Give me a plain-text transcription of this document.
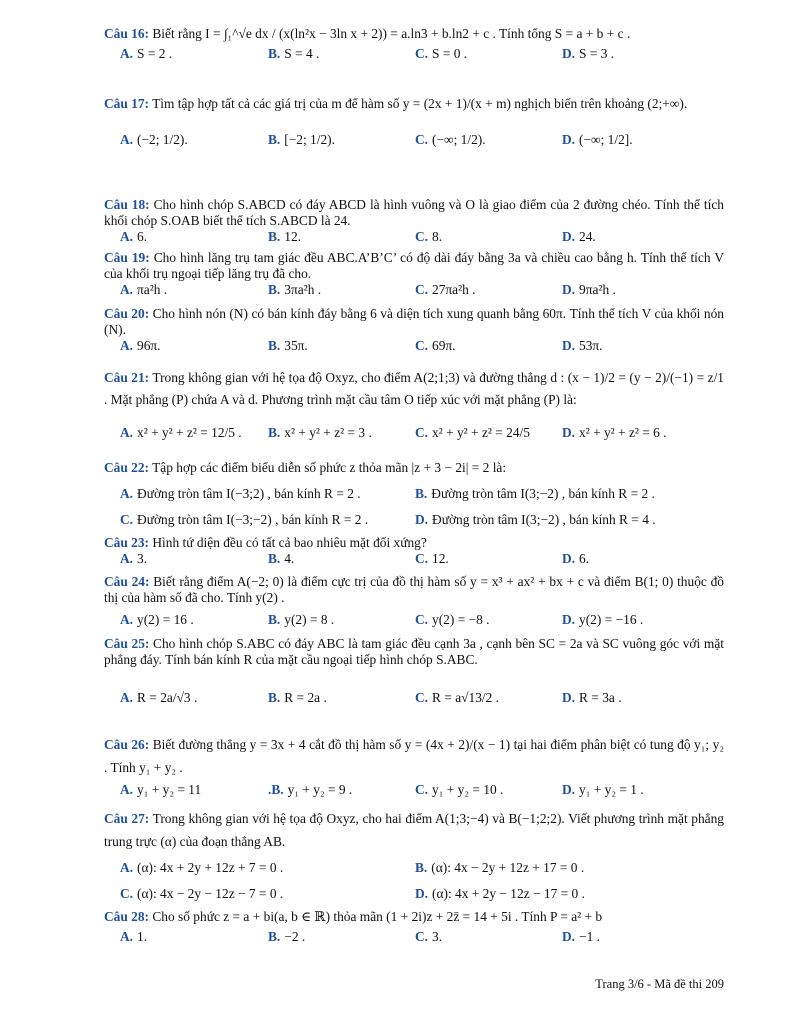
Câu 16: Biết rằng I = ∫₁^√e dx / (x(ln²x − 3ln x + 2)) = a.ln3 + b.ln2 + c . Tính tổng S = a + b + c .
A. S = 2 .	B. S = 4 .	C. S = 0 .	D. S = 3 .
Câu 17: Tìm tập hợp tất cả các giá trị của m để hàm số y = (2x + 1)/(x + m) nghịch biến trên khoảng (2;+∞).
A. (−2; 1/2).	B. [−2; 1/2).	C. (−∞; 1/2).	D. (−∞; 1/2].
Câu 18: Cho hình chóp S.ABCD có đáy ABCD là hình vuông và O là giao điểm của 2 đường chéo. Tính thể tích khối chóp S.OAB biết thể tích S.ABCD là 24.
A. 6.	B. 12.	C. 8.	D. 24.
Câu 19: Cho hình lăng trụ tam giác đều ABC.A’B’C’ có độ dài đáy bằng 3a và chiều cao bằng h. Tính thể tích V của khối trụ ngoại tiếp lăng trụ đã cho.
A. πa²h .	B. 3πa²h .	C. 27πa²h .	D. 9πa²h .
Câu 20: Cho hình nón (N) có bán kính đáy bằng 6 và diện tích xung quanh bằng 60π. Tính thể tích V của khối nón (N).
A. 96π.	B. 35π.	C. 69π.	D. 53π.
Câu 21: Trong không gian với hệ tọa độ Oxyz, cho điểm A(2;1;3) và đường thẳng d : (x − 1)/2 = (y − 2)/(−1) = z/1 . Mặt phẳng (P) chứa A và d. Phương trình mặt cầu tâm O tiếp xúc với mặt phẳng (P) là:
A. x² + y² + z² = 12/5 . B. x² + y² + z² = 3 .	C. x² + y² + z² = 24/5 D. x² + y² + z² = 6 .
Câu 22: Tập hợp các điểm biểu diễn số phức z thỏa mãn |z + 3 − 2i| = 2 là:
A. Đường tròn tâm I(−3;2) , bán kính R = 2 .	B. Đường tròn tâm I(3;−2) , bán kính R = 2 .
C. Đường tròn tâm I(−3;−2) , bán kính R = 2 .	D. Đường tròn tâm I(3;−2) , bán kính R = 4 .
Câu 23: Hình tứ diện đều có tất cả bao nhiêu mặt đối xứng?
A. 3.	B. 4.	C. 12.	D. 6.
Câu 24: Biết rằng điểm A(−2; 0) là điểm cực trị của đồ thị hàm số y = x³ + ax² + bx + c và điểm B(1; 0) thuộc đồ thị của hàm số đã cho. Tính y(2) .
A. y(2) = 16 .	B. y(2) = 8 .	C. y(2) = −8 .	D. y(2) = −16 .
Câu 25: Cho hình chóp S.ABC có đáy ABC là tam giác đều cạnh 3a , cạnh bên SC = 2a và SC vuông góc với mặt phẳng đáy. Tính bán kính R của mặt cầu ngoại tiếp hình chóp S.ABC.
A. R = 2a/√3 .	B. R = 2a .	C. R = a√13/2 .	D. R = 3a .
Câu 26: Biết đường thẳng y = 3x + 4 cắt đồ thị hàm số y = (4x + 2)/(x − 1) tại hai điểm phân biệt có tung độ y₁; y₂ . Tính y₁ + y₂ .
A. y₁ + y₂ = 11	.B. y₁ + y₂ = 9 .	C. y₁ + y₂ = 10 .	D. y₁ + y₂ = 1 .
Câu 27: Trong không gian với hệ tọa độ Oxyz, cho hai điểm A(1;3;−4) và B(−1;2;2). Viết phương trình mặt phẳng trung trực (α) của đoạn thẳng AB.
A. (α): 4x + 2y + 12z + 7 = 0 .	B. (α): 4x − 2y + 12z + 17 = 0 .
C. (α): 4x − 2y − 12z − 7 = 0 .	D. (α): 4x + 2y − 12z − 17 = 0 .
Câu 28: Cho số phức z = a + bi(a, b ∈ ℝ) thỏa mãn (1 + 2i)z + 2z̄ = 14 + 5i . Tính P = a² + b
A. 1.	B. −2 .	C. 3.	D. −1 .
Trang 3/6 - Mã đề thi 209
